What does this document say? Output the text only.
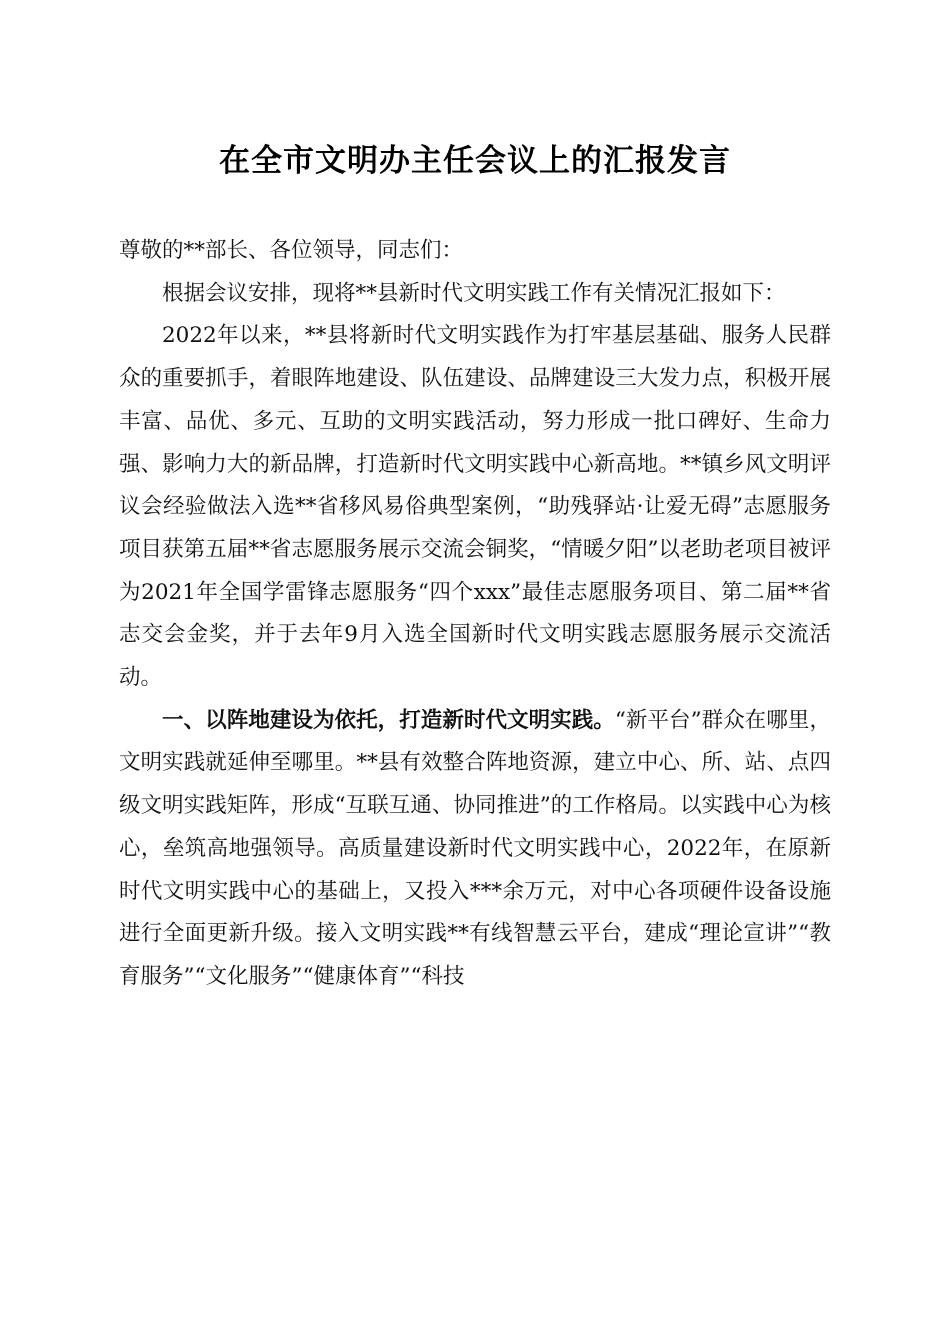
在全市文明办主任会议上的汇报发言

尊敬的**部长、各位领导，同志们：

根据会议安排，现将**县新时代文明实践工作有关情况汇报如下：

2022年以来，**县将新时代文明实践作为打牢基层基础、服务人民群众的重要抓手，着眼阵地建设、队伍建设、品牌建设三大发力点，积极开展丰富、品优、多元、互助的文明实践活动，努力形成一批口碑好、生命力强、影响力大的新品牌，打造新时代文明实践中心新高地。**镇乡风文明评议会经验做法入选**省移风易俗典型案例，“助残驿站·让爱无碍”志愿服务项目获第五届**省志愿服务展示交流会铜奖，“情暖夕阳”以老助老项目被评为2021年全国学雷锋志愿服务“四个xxx”最佳志愿服务项目、第二届**省志交会金奖，并于去年9月入选全国新时代文明实践志愿服务展示交流活动。

一、以阵地建设为依托，打造新时代文明实践。“新平台”群众在哪里，文明实践就延伸至哪里。**县有效整合阵地资源，建立中心、所、站、点四级文明实践矩阵，形成“互联互通、协同推进”的工作格局。以实践中心为核心，垒筑高地强领导。高质量建设新时代文明实践中心，2022年，在原新时代文明实践中心的基础上，又投入***余万元，对中心各项硬件设备设施进行全面更新升级。接入文明实践**有线智慧云平台，建成“理论宣讲”“教育服务”“文化服务”“健康体育”“科技
